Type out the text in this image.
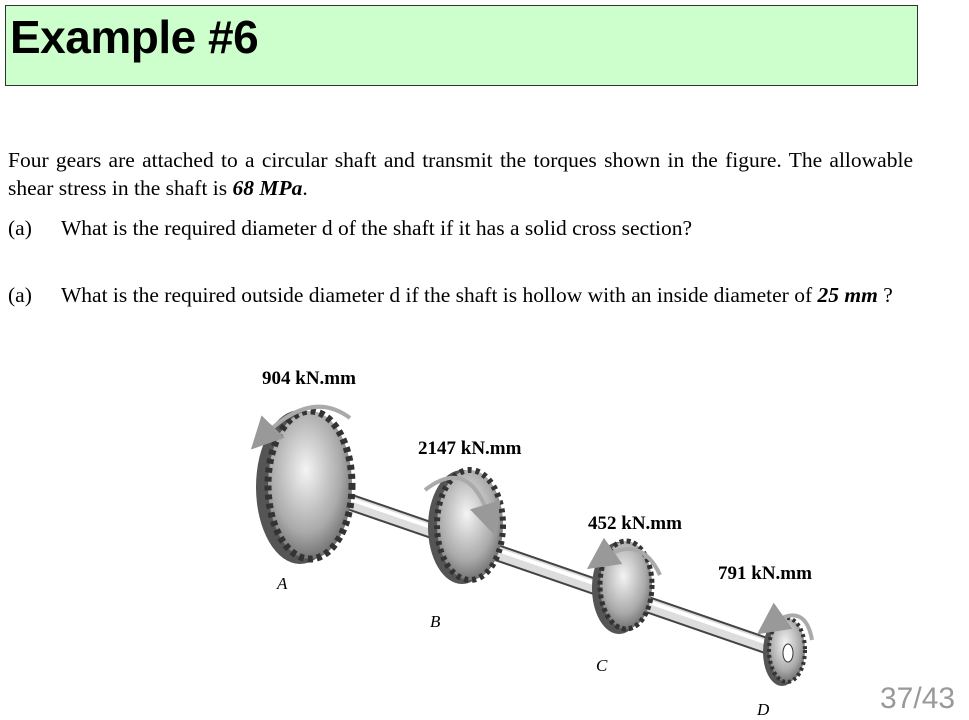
Example #6
Four gears are attached to a circular shaft and transmit the torques shown in the figure. The allowable shear stress in the shaft is 68 MPa.
(a) What is the required diameter d of the shaft if it has a solid cross section?
(a) What is the required outside diameter d if the shaft is hollow with an inside diameter of 25 mm ?
904 kN.mm
2147 kN.mm
452 kN.mm
791 kN.mm
A
B
C
D	37/43
